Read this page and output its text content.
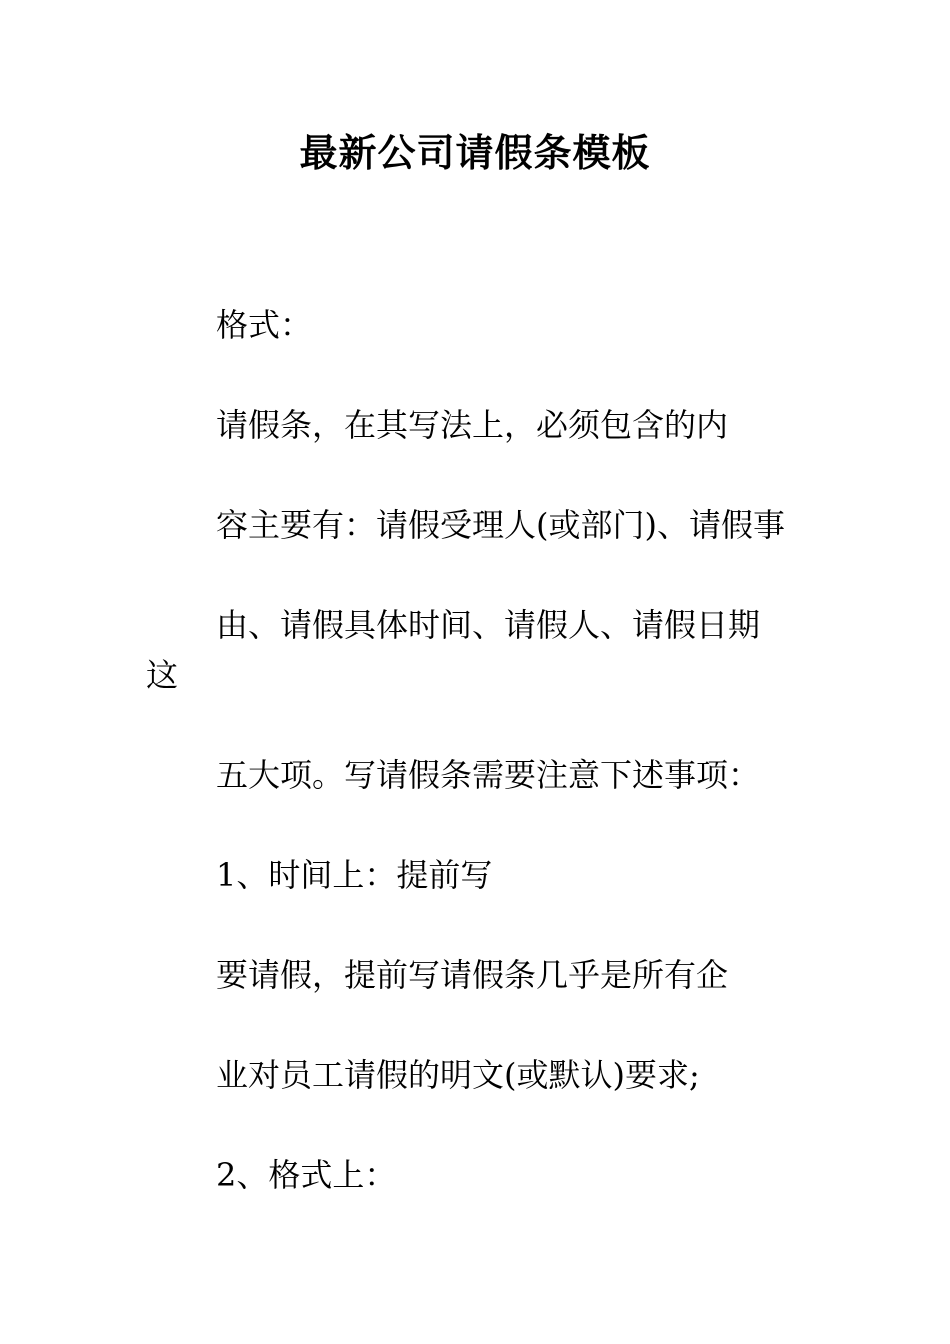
最新公司请假条模板

格式：

请假条，在其写法上，必须包含的内
容主要有：请假受理人(或部门)、请假事
由、请假具体时间、请假人、请假日期这
五大项。写请假条需要注意下述事项：

1、时间上：提前写

要请假，提前写请假条几乎是所有企
业对员工请假的明文(或默认)要求;

2、格式上：
